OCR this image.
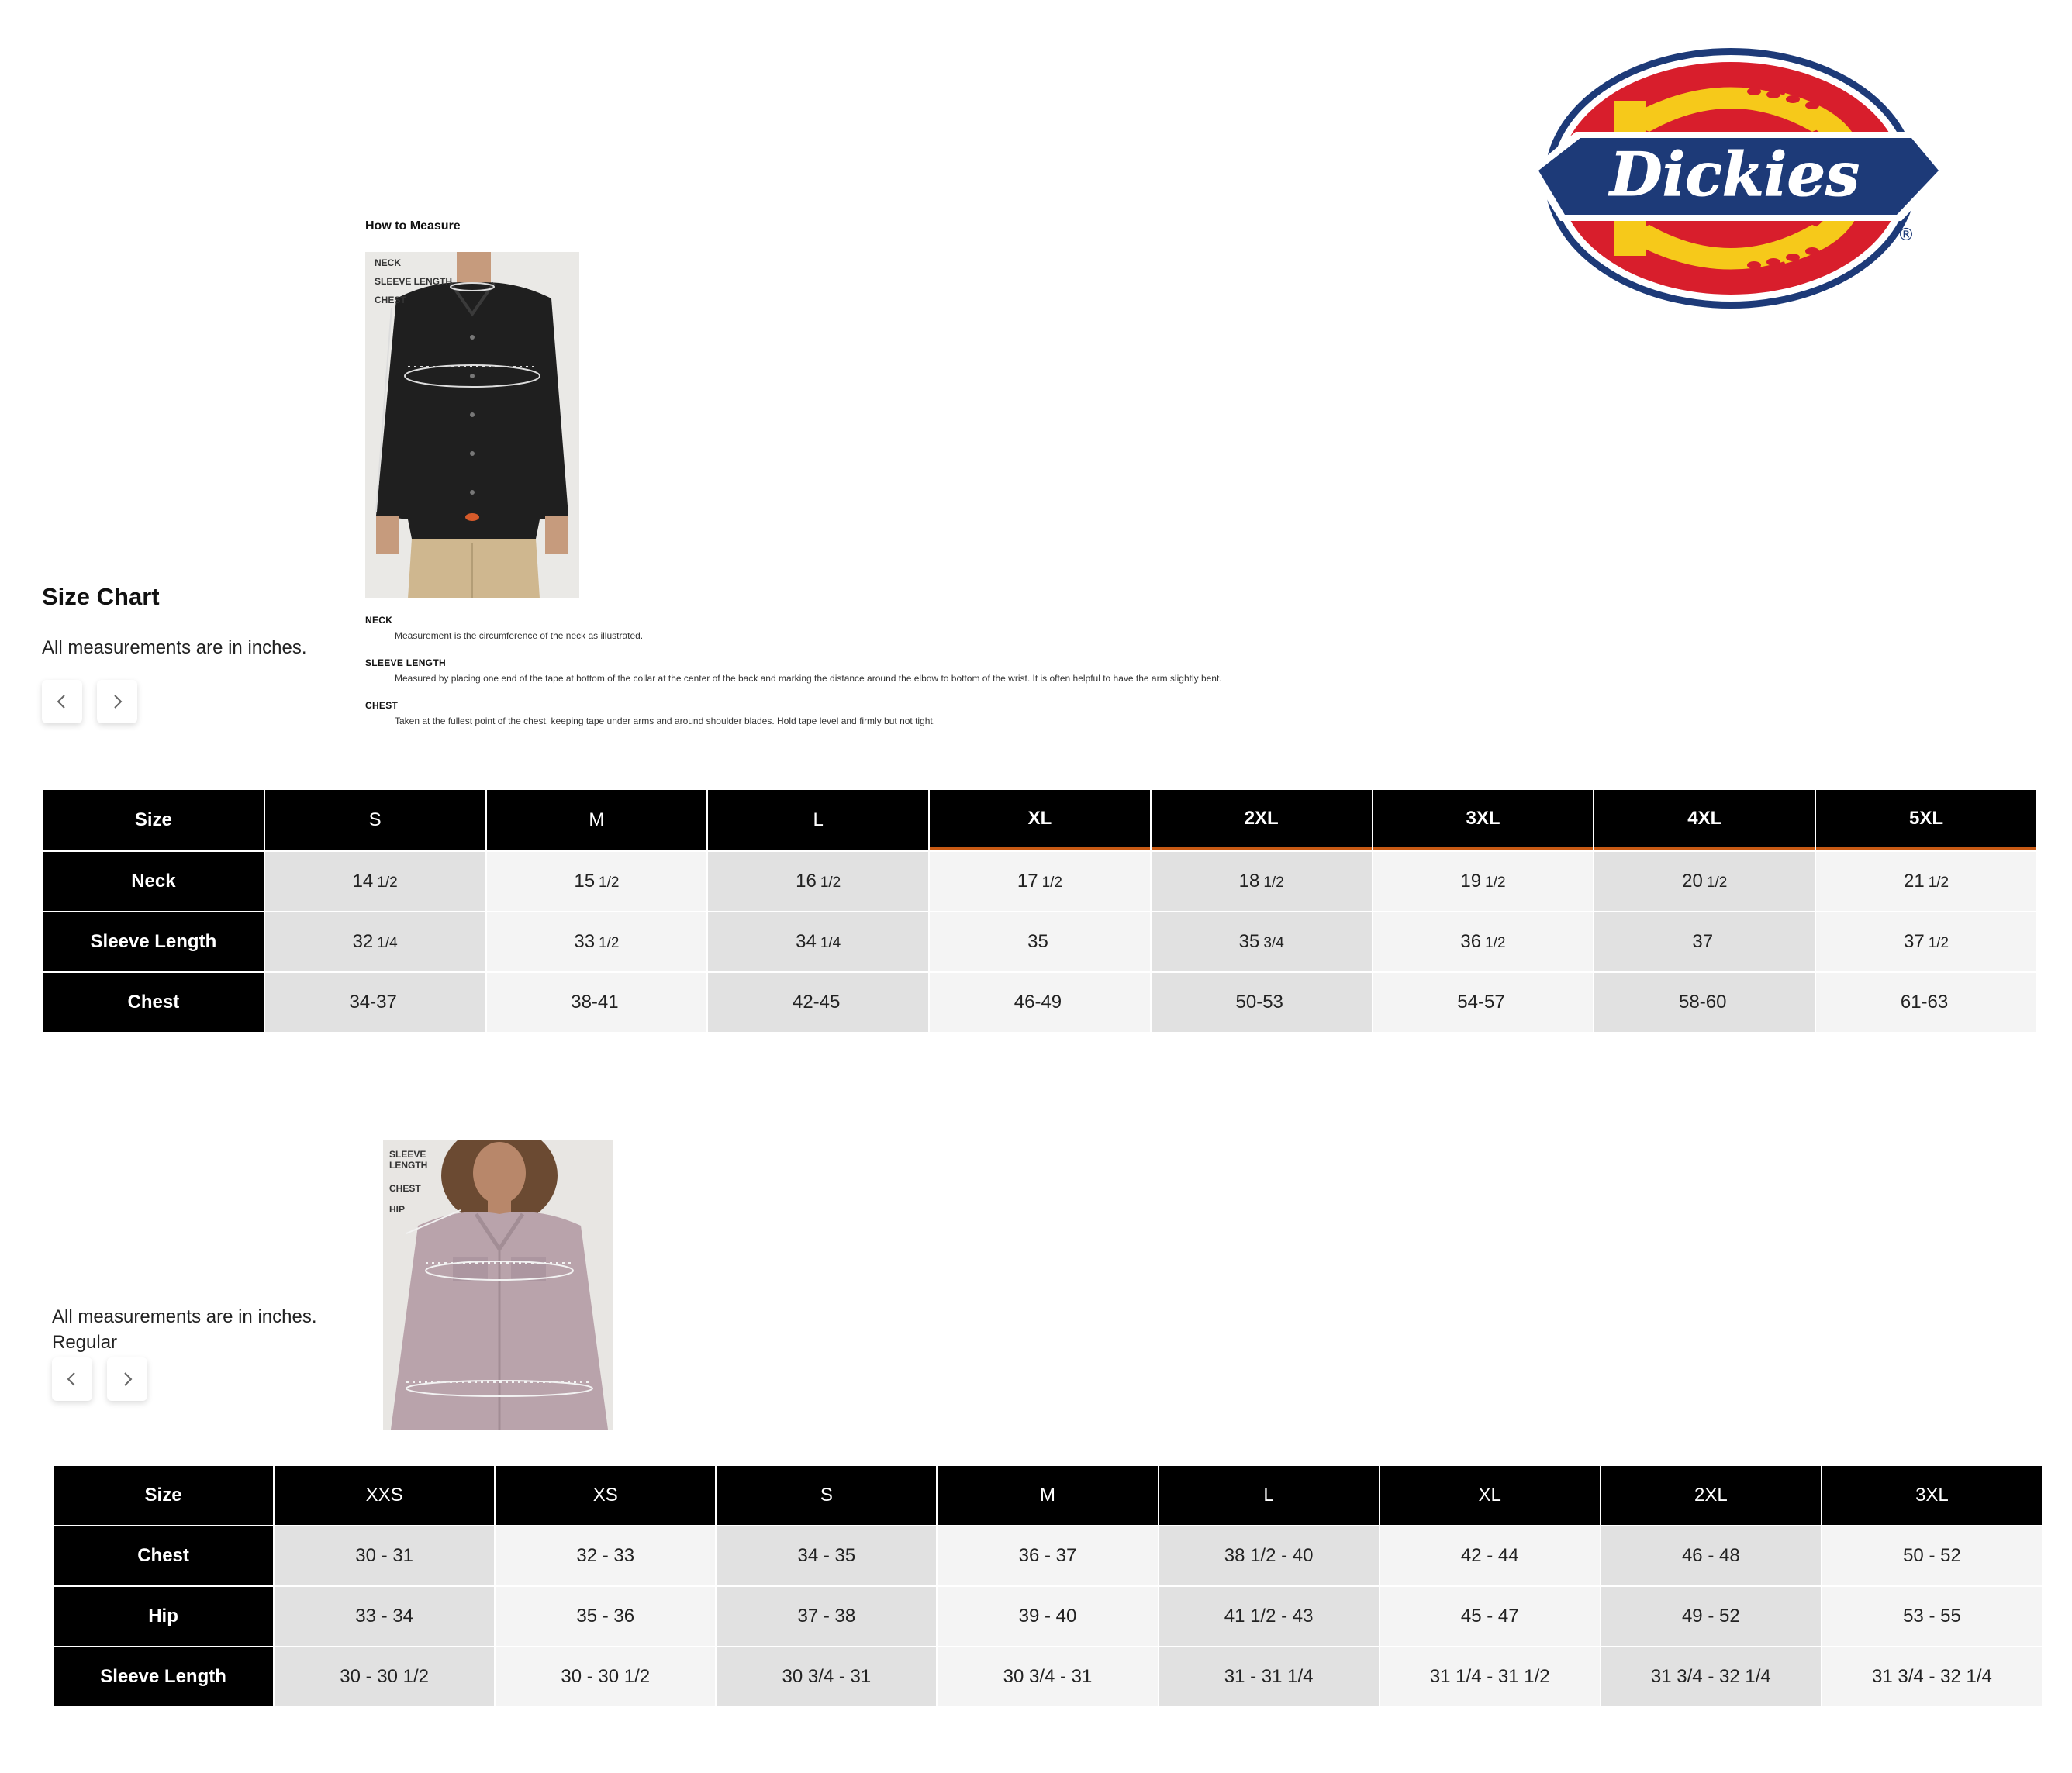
Dickies
®
Size Chart
All measurements are in inches.
How to Measure
NECK
SLEEVE LENGTH
CHEST
NECK
Measurement is the circumference of the neck as illustrated.
SLEEVE LENGTH
Measured by placing one end of the tape at bottom of the collar at the center of the back and marking the distance around the elbow to bottom of the wrist. It is often helpful to have the arm slightly bent.
CHEST
Taken at the fullest point of the chest, keeping tape under arms and around shoulder blades. Hold tape level and firmly but not tight.
Size	S	M	L	XL	2XL	3XL	4XL	5XL
Neck	14 1/2	15 1/2	16 1/2	17 1/2	18 1/2	19 1/2	20 1/2	21 1/2
Sleeve Length	32 1/4	33 1/2	34 1/4	35	35 3/4	36 1/2	37	37 1/2
Chest	34-37	38-41	42-45	46-49	50-53	54-57	58-60	61-63
All measurements are in inches.
Regular
SLEEVE
LENGTH
CHEST
HIP
Size	XXS	XS	S	M	L	XL	2XL	3XL
Chest	30 - 31	32 - 33	34 - 35	36 - 37	38 1/2 - 40	42 - 44	46 - 48	50 - 52
Hip	33 - 34	35 - 36	37 - 38	39 - 40	41 1/2 - 43	45 - 47	49 - 52	53 - 55
Sleeve Length	30 - 30 1/2	30 - 30 1/2	30 3/4 - 31	30 3/4 - 31	31 - 31 1/4	31 1/4 - 31 1/2	31 3/4 - 32 1/4	31 3/4 - 32 1/4
